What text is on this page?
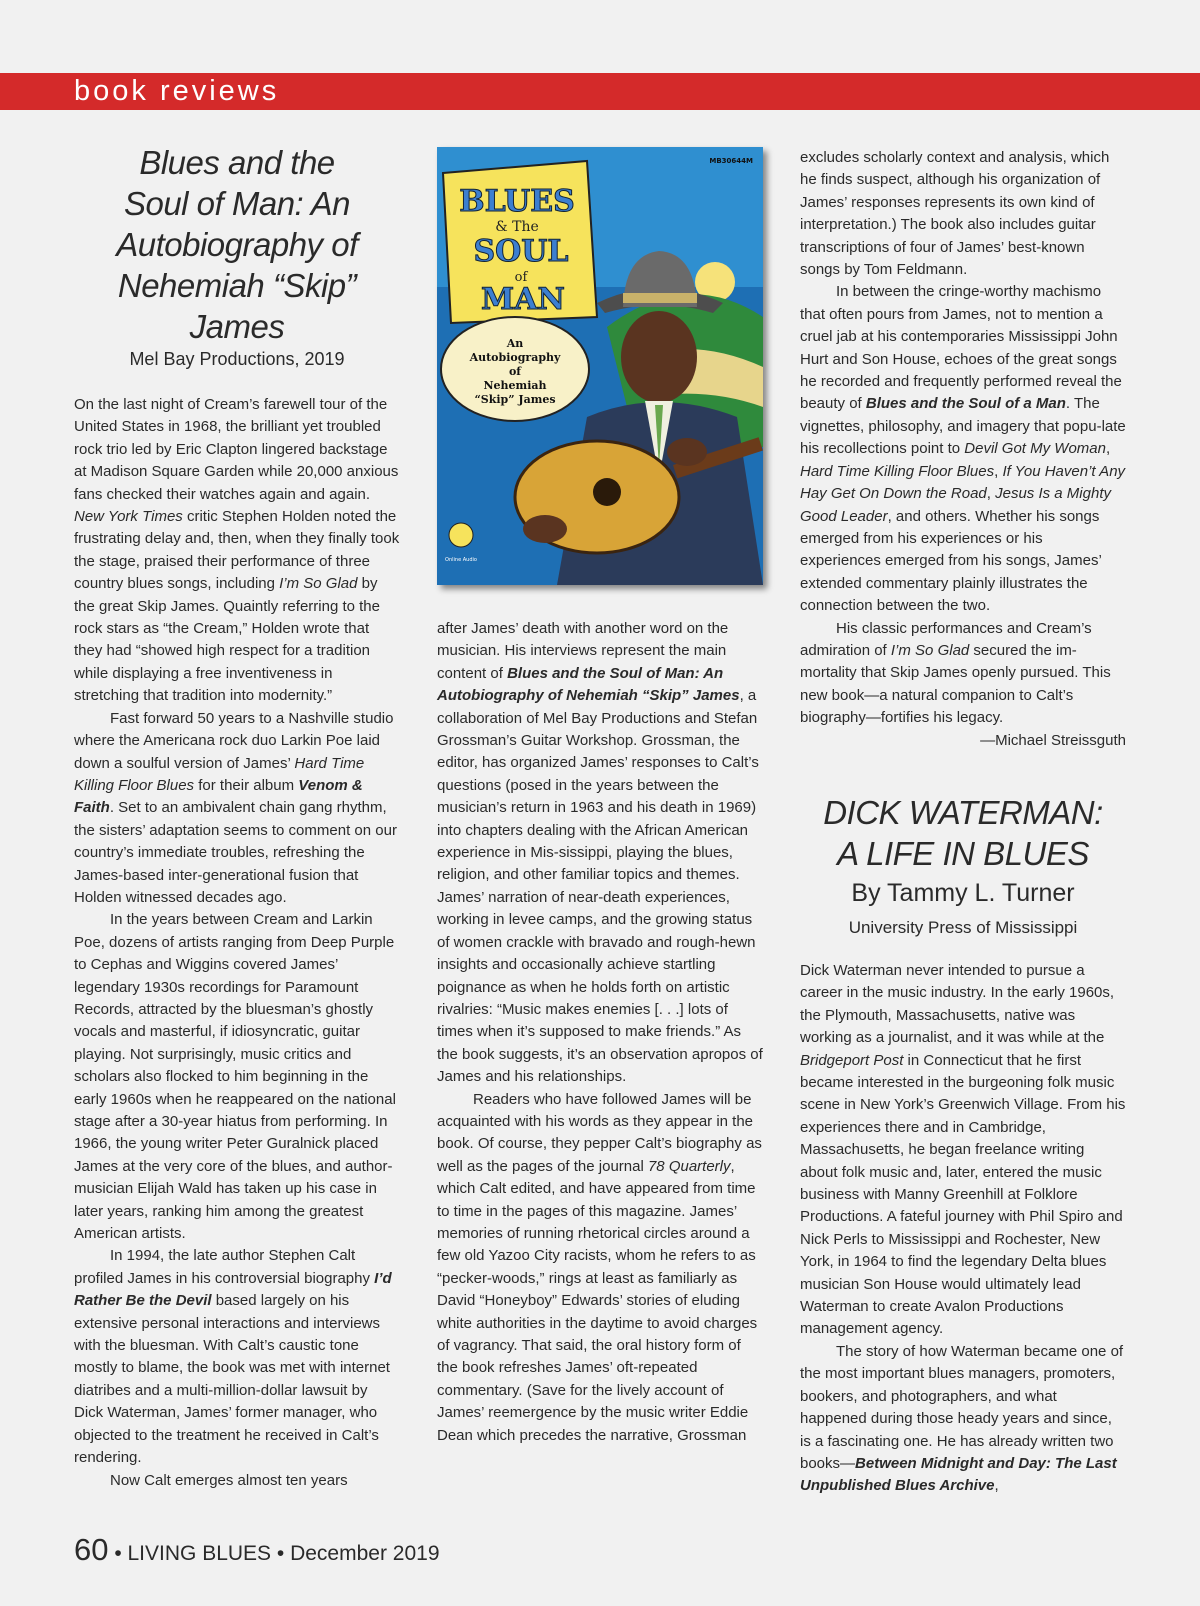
book reviews
Blues and the
Soul of Man: An
Autobiography of
Nehemiah “Skip” James
Mel Bay Productions, 2019

On the last night of Cream’s farewell tour of the United States in 1968, the brilliant yet troubled rock trio led by Eric Clapton lingered backstage at Madison Square Garden while 20,000 anxious fans checked their watches again and again. New York Times critic Stephen Holden noted the frustrating delay and, then, when they finally took the stage, praised their performance of three country blues songs, including I’m So Glad by the great Skip James. Quaintly referring to the rock stars as “the Cream,” Holden wrote that they had “showed high respect for a tradition while displaying a free inventiveness in stretching that tradition into modernity.”

Fast forward 50 years to a Nashville studio where the Americana rock duo Larkin Poe laid down a soulful version of James’ Hard Time Killing Floor Blues for their album Venom & Faith. Set to an ambivalent chain gang rhythm, the sisters’ adaptation seems to comment on our country’s immediate troubles, refreshing the James-based inter-generational fusion that Holden witnessed decades ago.

In the years between Cream and Larkin Poe, dozens of artists ranging from Deep Purple to Cephas and Wiggins covered James’ legendary 1930s recordings for Paramount Records, attracted by the bluesman’s ghostly vocals and masterful, if idiosyncratic, guitar playing. Not surprisingly, music critics and scholars also flocked to him beginning in the early 1960s when he reappeared on the national stage after a 30-year hiatus from performing. In 1966, the young writer Peter Guralnick placed James at the very core of the blues, and author-musician Elijah Wald has taken up his case in later years, ranking him among the greatest American artists.

In 1994, the late author Stephen Calt profiled James in his controversial biography I’d Rather Be the Devil based largely on his extensive personal interactions and interviews with the bluesman. With Calt’s caustic tone mostly to blame, the book was met with internet diatribes and a multi-million-dollar lawsuit by Dick Waterman, James’ former manager, who objected to the treatment he received in Calt’s rendering.

Now Calt emerges almost ten years

BLUES
& The
SOUL
of
MAN
MB30644M
An
Autobiography
of
Nehemiah
“Skip” James
Online Audio

after James’ death with another word on the musician. His interviews represent the main content of Blues and the Soul of Man: An Autobiography of Nehemiah “Skip” James, a collaboration of Mel Bay Productions and Stefan Grossman’s Guitar Workshop. Grossman, the editor, has organized James’ responses to Calt’s questions (posed in the years between the musician’s return in 1963 and his death in 1969) into chapters dealing with the African American experience in Mis-sissippi, playing the blues, religion, and other familiar topics and themes. James’ narration of near-death experiences, working in levee camps, and the growing status of women crackle with bravado and rough-hewn insights and occasionally achieve startling poignance as when he holds forth on artistic rivalries: “Music makes enemies [. . .] lots of times when it’s supposed to make friends.” As the book suggests, it’s an observation apropos of James and his relationships.

Readers who have followed James will be acquainted with his words as they appear in the book. Of course, they pepper Calt’s biography as well as the pages of the journal 78 Quarterly, which Calt edited, and have appeared from time to time in the pages of this magazine. James’ memories of running rhetorical circles around a few old Yazoo City racists, whom he refers to as “pecker-woods,” rings at least as familiarly as David “Honeyboy” Edwards’ stories of eluding white authorities in the daytime to avoid charges of vagrancy. That said, the oral history form of the book refreshes James’ oft-repeated commentary. (Save for the lively account of James’ reemergence by the music writer Eddie Dean which precedes the narrative, Grossman

excludes scholarly context and analysis, which he finds suspect, although his organization of James’ responses represents its own kind of interpretation.) The book also includes guitar transcriptions of four of James’ best-known songs by Tom Feldmann.

In between the cringe-worthy machismo that often pours from James, not to mention a cruel jab at his contemporaries Mississippi John Hurt and Son House, echoes of the great songs he recorded and frequently performed reveal the beauty of Blues and the Soul of a Man. The vignettes, philosophy, and imagery that popu-late his recollections point to Devil Got My Woman, Hard Time Killing Floor Blues, If You Haven’t Any Hay Get On Down the Road, Jesus Is a Mighty Good Leader, and others. Whether his songs emerged from his experiences or his experiences emerged from his songs, James’ extended commentary plainly illustrates the connection between the two.

His classic performances and Cream’s admiration of I’m So Glad secured the im-mortality that Skip James openly pursued. This new book—a natural companion to Calt’s biography—fortifies his legacy.

—Michael Streissguth

DICK WATERMAN:
A LIFE IN BLUES
By Tammy L. Turner
University Press of Mississippi

Dick Waterman never intended to pursue a career in the music industry. In the early 1960s, the Plymouth, Massachusetts, native was working as a journalist, and it was while at the Bridgeport Post in Connecticut that he first became interested in the burgeoning folk music scene in New York’s Greenwich Village. From his experiences there and in Cambridge, Massachusetts, he began freelance writing about folk music and, later, entered the music business with Manny Greenhill at Folklore Productions. A fateful journey with Phil Spiro and Nick Perls to Mississippi and Rochester, New York, in 1964 to find the legendary Delta blues musician Son House would ultimately lead Waterman to create Avalon Productions management agency.

The story of how Waterman became one of the most important blues managers, promoters, bookers, and photographers, and what happened during those heady years and since, is a fascinating one. He has already written two books—Between Midnight and Day: The Last Unpublished Blues Archive,

60 • LIVING BLUES • December 2019
